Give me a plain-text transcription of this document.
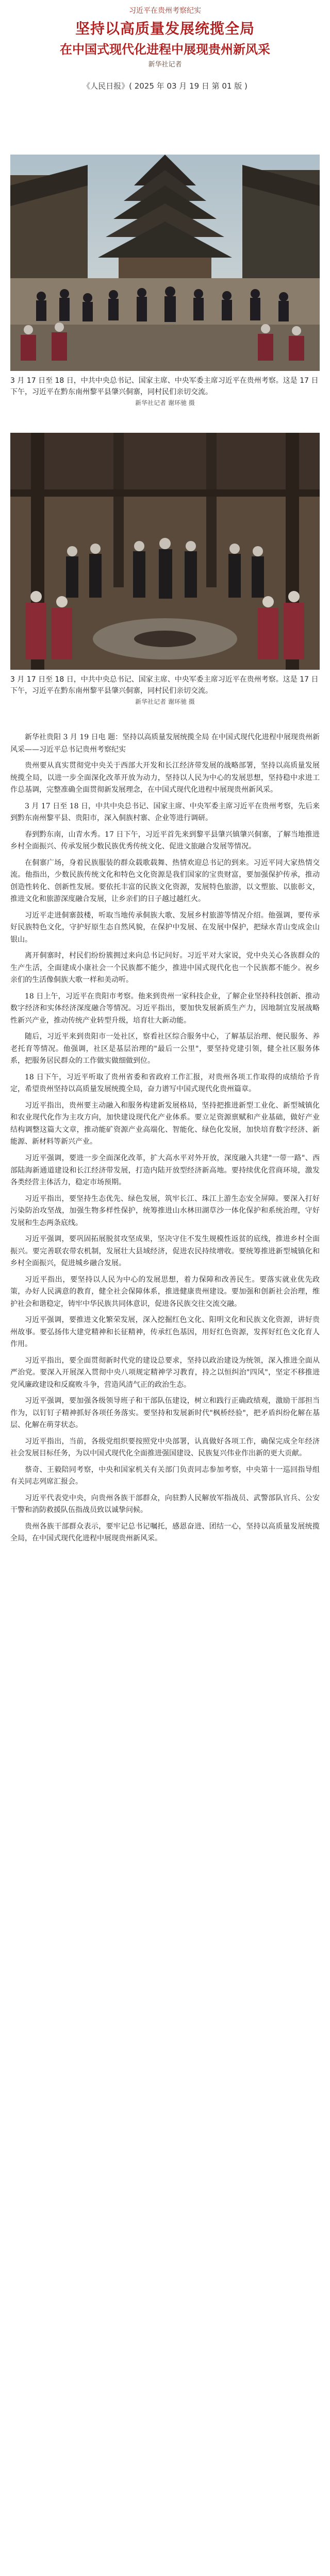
习近平在贵州考察纪实
坚持以高质量发展统揽全局
在中国式现代化进程中展现贵州新风采
新华社记者
《人民日报》( 2025 年 03 月 19 日 第 01 版 )
3 月 17 日至 18 日，中共中央总书记、国家主席、中央军委主席习近平在贵州考察。这是 17 日下午，习近平在黔东南州黎平县肇兴侗寨，同村民们亲切交流。
新华社记者 谢环驰 摄
3 月 17 日至 18 日，中共中央总书记、国家主席、中央军委主席习近平在贵州考察。这是 17 日下午，习近平在黔东南州黎平县肇兴侗寨，同村民们亲切交流。
新华社记者 谢环驰 摄

新华社贵阳 3 月 19 日电 题：坚持以高质量发展统揽全局 在中国式现代化进程中展现贵州新风采——习近平总书记贵州考察纪实

贵州要从真实贯彻党中央关于西部大开发和长江经济带发展的战略部署，坚持以高质量发展统揽全局，以进一步全面深化改革开放为动力，坚持以人民为中心的发展思想，坚持稳中求进工作总基调，完整准确全面贯彻新发展理念，在中国式现代化进程中展现贵州新风采。

3 月 17 日至 18 日，中共中央总书记、国家主席、中央军委主席习近平在贵州考察，先后来到黔东南州黎平县、贵阳市，深入侗族村寨、企业等进行调研。

春到黔东南，山青水秀。17 日下午，习近平首先来到黎平县肇兴镇肇兴侗寨，了解当地推进乡村全面振兴、传承发展少数民族优秀传统文化、促进文旅融合发展等情况。

在侗寨广场，身着民族服装的群众载歌载舞、热情欢迎总书记的到来。习近平同大家热情交流。他指出，少数民族传统文化和特色文化资源是我们国家的宝贵财富，要加强保护传承，推动创造性转化、创新性发展。要依托丰富的民族文化资源，发展特色旅游，以文塑旅、以旅彰文，推进文化和旅游深度融合发展，让乡亲们的日子越过越红火。

习近平走进侗寨鼓楼，听取当地传承侗族大歌、发展乡村旅游等情况介绍。他强调，要传承好民族特色文化，守护好原生态自然风貌，在保护中发展、在发展中保护，把绿水青山变成金山银山。

离开侗寨时，村民们纷纷簇拥过来向总书记问好。习近平对大家说，党中央关心各族群众的生产生活，全面建成小康社会一个民族都不能少，推进中国式现代化也一个民族都不能少。祝乡亲们的生活像侗族大歌一样和美动听。

18 日上午，习近平在贵阳市考察。他来到贵州一家科技企业，了解企业坚持科技创新、推动数字经济和实体经济深度融合等情况。习近平指出，要加快发展新质生产力，因地制宜发展战略性新兴产业，推动传统产业转型升级，培育壮大新动能。

随后，习近平来到贵阳市一处社区，察看社区综合服务中心，了解基层治理、便民服务、养老托育等情况。他强调，社区是基层治理的"最后一公里"，要坚持党建引领，健全社区服务体系，把服务居民群众的工作做实做细做到位。

18 日下午，习近平听取了贵州省委和省政府工作汇报，对贵州各项工作取得的成绩给予肯定，希望贵州坚持以高质量发展统揽全局，奋力谱写中国式现代化贵州篇章。

习近平指出，贵州要主动融入和服务构建新发展格局，坚持把推进新型工业化、新型城镇化和农业现代化作为主攻方向，加快建设现代化产业体系。要立足资源禀赋和产业基础，做好产业结构调整这篇大文章，推动能矿资源产业高端化、智能化、绿色化发展，加快培育数字经济、新能源、新材料等新兴产业。

习近平强调，要进一步全面深化改革，扩大高水平对外开放，深度融入共建"一带一路"、西部陆海新通道建设和长江经济带发展，打造内陆开放型经济新高地。要持续优化营商环境，激发各类经营主体活力，稳定市场预期。

习近平指出，要坚持生态优先、绿色发展，筑牢长江、珠江上游生态安全屏障。要深入打好污染防治攻坚战，加强生物多样性保护，统筹推进山水林田湖草沙一体化保护和系统治理，守好发展和生态两条底线。

习近平强调，要巩固拓展脱贫攻坚成果，坚决守住不发生规模性返贫的底线，推进乡村全面振兴。要完善联农带农机制，发展壮大县域经济，促进农民持续增收。要统筹推进新型城镇化和乡村全面振兴，促进城乡融合发展。

习近平指出，要坚持以人民为中心的发展思想，着力保障和改善民生。要落实就业优先政策，办好人民满意的教育，健全社会保障体系，推进健康贵州建设。要加强和创新社会治理，维护社会和谐稳定，铸牢中华民族共同体意识，促进各民族交往交流交融。

习近平强调，要推进文化繁荣发展，深入挖掘红色文化、阳明文化和民族文化资源，讲好贵州故事。要弘扬伟大建党精神和长征精神，传承红色基因，用好红色资源，发挥好红色文化育人作用。

习近平指出，要全面贯彻新时代党的建设总要求，坚持以政治建设为统领，深入推进全面从严治党。要深入开展深入贯彻中央八项规定精神学习教育，持之以恒纠治"四风"，坚定不移推进党风廉政建设和反腐败斗争，营造风清气正的政治生态。

习近平强调，要加强各级领导班子和干部队伍建设，树立和践行正确政绩观，激励干部担当作为，以钉钉子精神抓好各项任务落实。要坚持和发展新时代"枫桥经验"，把矛盾纠纷化解在基层、化解在萌芽状态。

习近平指出，当前，各级党组织要按照党中央部署，认真做好各项工作，确保完成全年经济社会发展目标任务，为以中国式现代化全面推进强国建设、民族复兴伟业作出新的更大贡献。

蔡奇、王毅陪同考察，中央和国家机关有关部门负责同志参加考察，中央第十一巡回指导组有关同志列席汇报会。

习近平代表党中央，向贵州各族干部群众，向驻黔人民解放军指战员、武警部队官兵、公安干警和消防救援队伍指战员致以诚挚问候。

贵州各族干部群众表示，要牢记总书记嘱托，感恩奋进、团结一心，坚持以高质量发展统揽全局，在中国式现代化进程中展现贵州新风采。
